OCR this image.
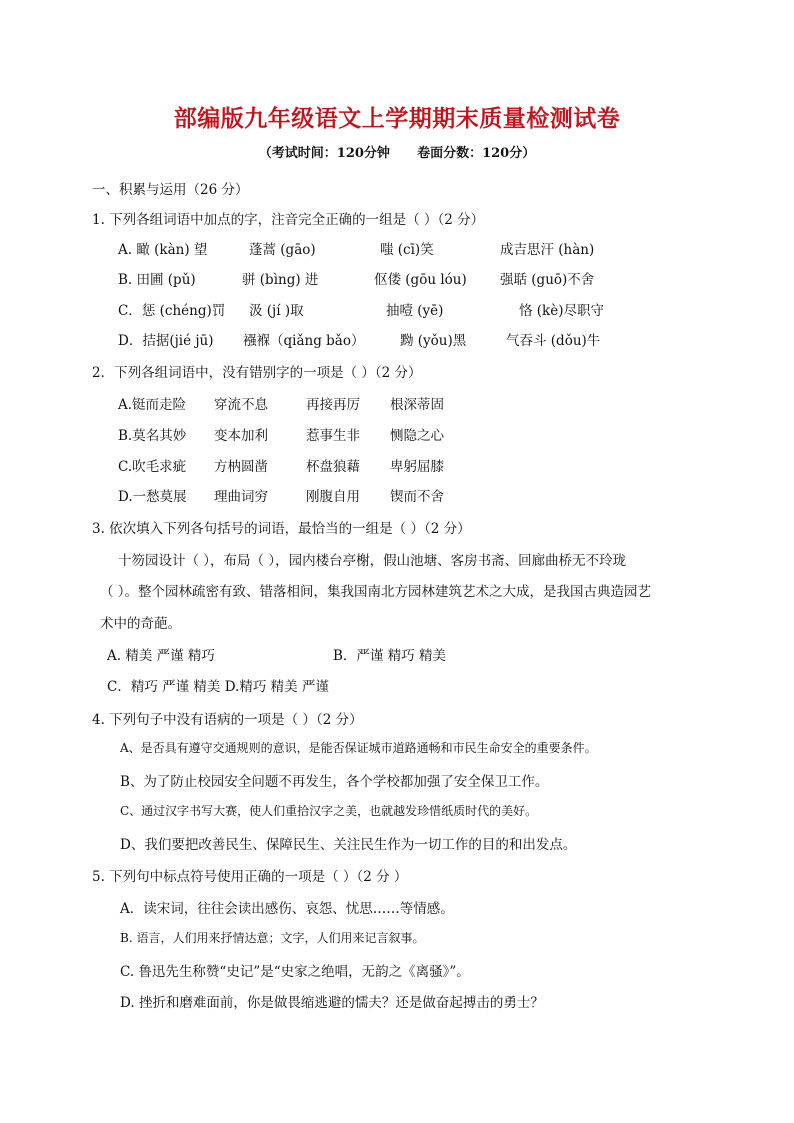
部编版九年级语文上学期期末质量检测试卷
（考试时间：120分钟      卷面分数：120分）
一、积累与运用（26 分）
1. 下列各组词语中加点的字，注音完全正确的一组是（ ）（2 分）
A. 瞰 (kàn) 望	蓬蒿 (gāo)	嗤 (cī)笑	成吉思汗 (hàn)
B. 田圃 (pǔ)	骈 (bìng) 进	伛偻 (gōu lóu) 强聒 (guō)不舍
C．惩 (chéng)罚 汲 (jí )取	抽噎 (yē)	恪 (kè)尽职守
D．拮据(jié jū) 襁褓（qiǎng bǎo）	黝 (yǒu)黑	气吞斗 (dǒu)牛
2．下列各组词语中，没有错别字的一项是（ ）（2 分）
A.铤而走险 穿流不息	再接再厉 根深蒂固
B.莫名其妙 变本加利	惹事生非 恻隐之心
C.吹毛求疵 方枘圆凿	杯盘狼藉 卑躬屈膝
D.一愁莫展 理曲词穷	刚腹自用 锲而不舍
3. 依次填入下列各句括号的词语，最恰当的一组是（ ）（2 分）
十笏园设计（ ），布局（ ），园内楼台亭榭，假山池塘、客房书斋、回廊曲桥无不玲珑
（ ）。整个园林疏密有致、错落相间，集我国南北方园林建筑艺术之大成，是我国古典造园艺
术中的奇葩。
A. 精美 严谨 精巧	B．严谨 精巧 精美
C．精巧 严谨 精美 D.精巧 精美 严谨
4. 下列句子中没有语病的一项是（ ）（2 分）
A、是否具有遵守交通规则的意识，是能否保证城市道路通畅和市民生命安全的重要条件。
B、为了防止校园安全问题不再发生，各个学校都加强了安全保卫工作。
C、通过汉字书写大赛，使人们重拾汉字之美，也就越发珍惜纸质时代的美好。
D、我们要把改善民生、保障民生、关注民生作为一切工作的目的和出发点。
5. 下列句中标点符号使用正确的一项是（ ）（2 分 ）
A．读宋词，往往会读出感伤、哀怨、忧思……等情感。
B. 语言，人们用来抒情达意；文字，人们用来记言叙事。
C. 鲁迅先生称赞“史记”是“史家之绝唱，无韵之《离骚》”。
D. 挫折和磨难面前，你是做畏缩逃避的懦夫？还是做奋起搏击的勇士？
